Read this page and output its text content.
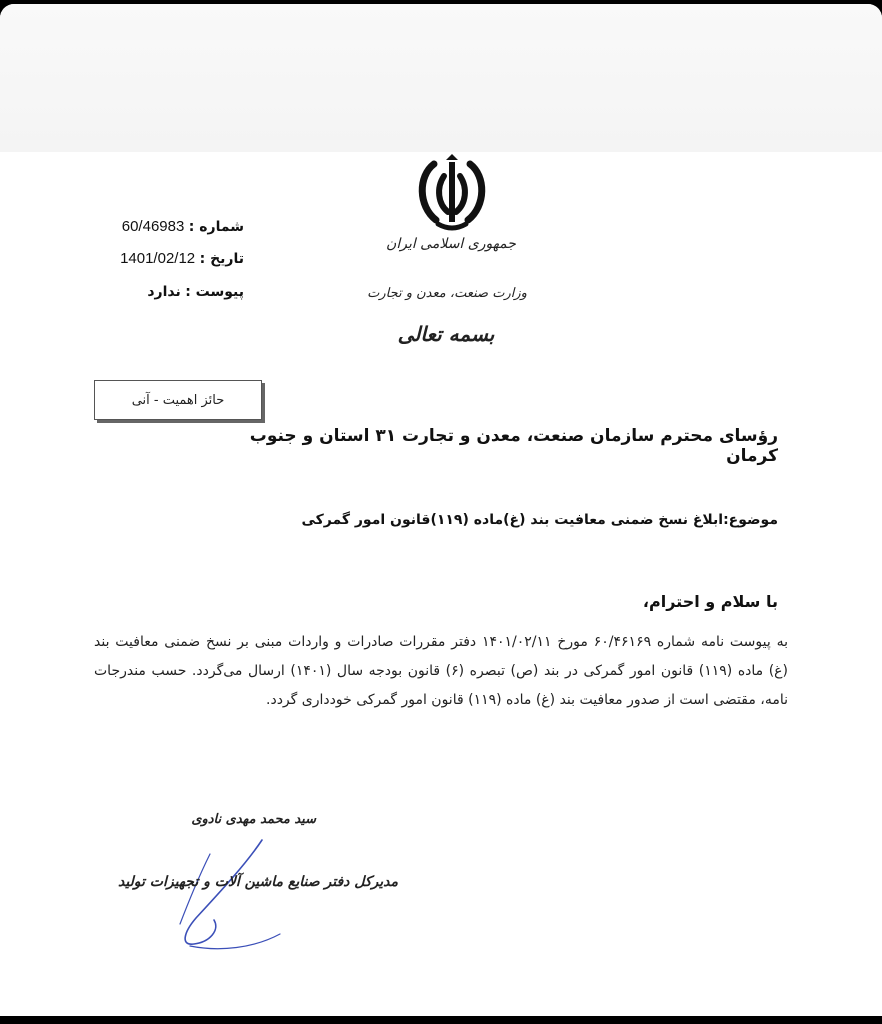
جمهوری اسلامی ایران
وزارت صنعت، معدن و تجارت
بسمه تعالی
شماره : 60/46983
تاریخ : 1401/02/12
پیوست : ندارد
حائز اهمیت - آنی
رؤسای محترم سازمان صنعت، معدن و تجارت ۳۱ استان و جنوب کرمان
موضوع:ابلاغ نسخ ضمنی معافیت بند (غ)ماده (۱۱۹)قانون امور گمرکی
با سلام و احترام،
به پیوست نامه شماره ۶۰/۴۶۱۶۹ مورخ ۱۴۰۱/۰۲/۱۱ دفتر مقررات صادرات و واردات مبنی بر نسخ ضمنی معافیت بند (غ) ماده (۱۱۹) قانون امور گمرکی در بند (ص) تبصره (۶) قانون بودجه سال (۱۴۰۱) ارسال می‌گردد. حسب مندرجات نامه، مقتضی است از صدور معافیت بند (غ) ماده (۱۱۹) قانون امور گمرکی خودداری گردد.
سید محمد مهدی نادوی
مدیرکل دفتر صنایع ماشین آلات و تجهیزات تولید
